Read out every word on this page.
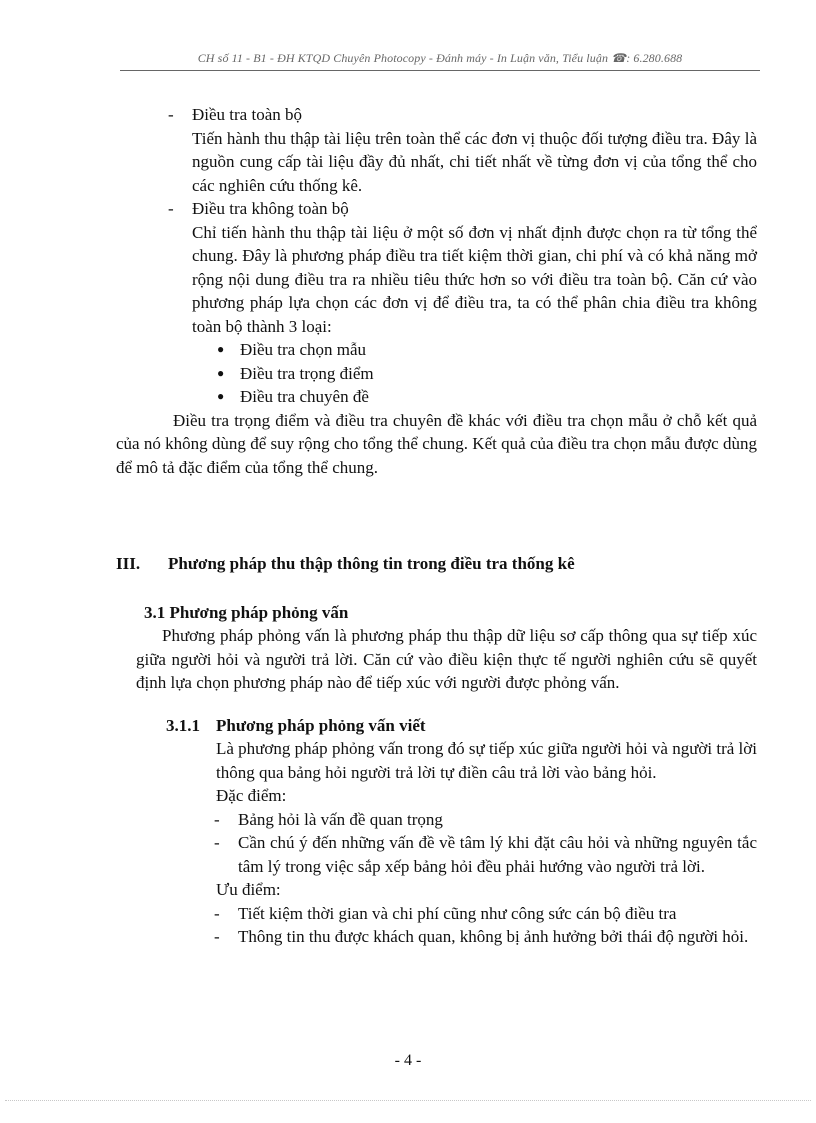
CH số 11 - B1 - ĐH KTQD Chuyên Photocopy - Đánh máy - In Luận văn, Tiểu luận ☎: 6.280.688
- Điều tra toàn bộ

Tiến hành thu thập tài liệu trên toàn thể các đơn vị thuộc đối tượng điều tra. Đây là nguồn cung cấp tài liệu đầy đủ nhất, chi tiết nhất về từng đơn vị của tổng thể cho các nghiên cứu thống kê.

- Điều tra không toàn bộ

Chỉ tiến hành thu thập tài liệu ở một số đơn vị nhất định được chọn ra từ tổng thể chung. Đây là phương pháp điều tra tiết kiệm thời gian, chi phí và có khả năng mở rộng nội dung điều tra ra nhiều tiêu thức hơn so với điều tra toàn bộ. Căn cứ vào phương pháp lựa chọn các đơn vị để điều tra, ta có thể phân chia điều tra không toàn bộ thành 3 loại:

● Điều tra chọn mẫu

● Điều tra trọng điểm

● Điều tra chuyên đề

Điều tra trọng điểm và điều tra chuyên đề khác với điều tra chọn mẫu ở chỗ kết quả của nó không dùng để suy rộng cho tổng thể chung. Kết quả của điều tra chọn mẫu được dùng để mô tả đặc điểm của tổng thể chung.

III.	Phương pháp thu thập thông tin trong điều tra thống kê

3.1 Phương pháp phỏng vấn

Phương pháp phỏng vấn là phương pháp thu thập dữ liệu sơ cấp thông qua sự tiếp xúc giữa người hỏi và người trả lời. Căn cứ vào điều kiện thực tế người nghiên cứu sẽ quyết định lựa chọn phương pháp nào để tiếp xúc với người được phỏng vấn.

3.1.1 Phương pháp phỏng vấn viết

Là phương pháp phỏng vấn trong đó sự tiếp xúc giữa người hỏi và người trả lời thông qua bảng hỏi người trả lời tự điền câu trả lời vào bảng hỏi.

Đặc điểm:

- Bảng hỏi là vấn đề quan trọng

- Cần chú ý đến những vấn đề về tâm lý khi đặt câu hỏi và những nguyên tắc tâm lý trong việc sắp xếp bảng hỏi đều phải hướng vào người trả lời.

Ưu điểm:

- Tiết kiệm thời gian và chi phí cũng như công sức cán bộ điều tra

- Thông tin thu được khách quan, không bị ảnh hưởng bởi thái độ người hỏi.

- 4 -
